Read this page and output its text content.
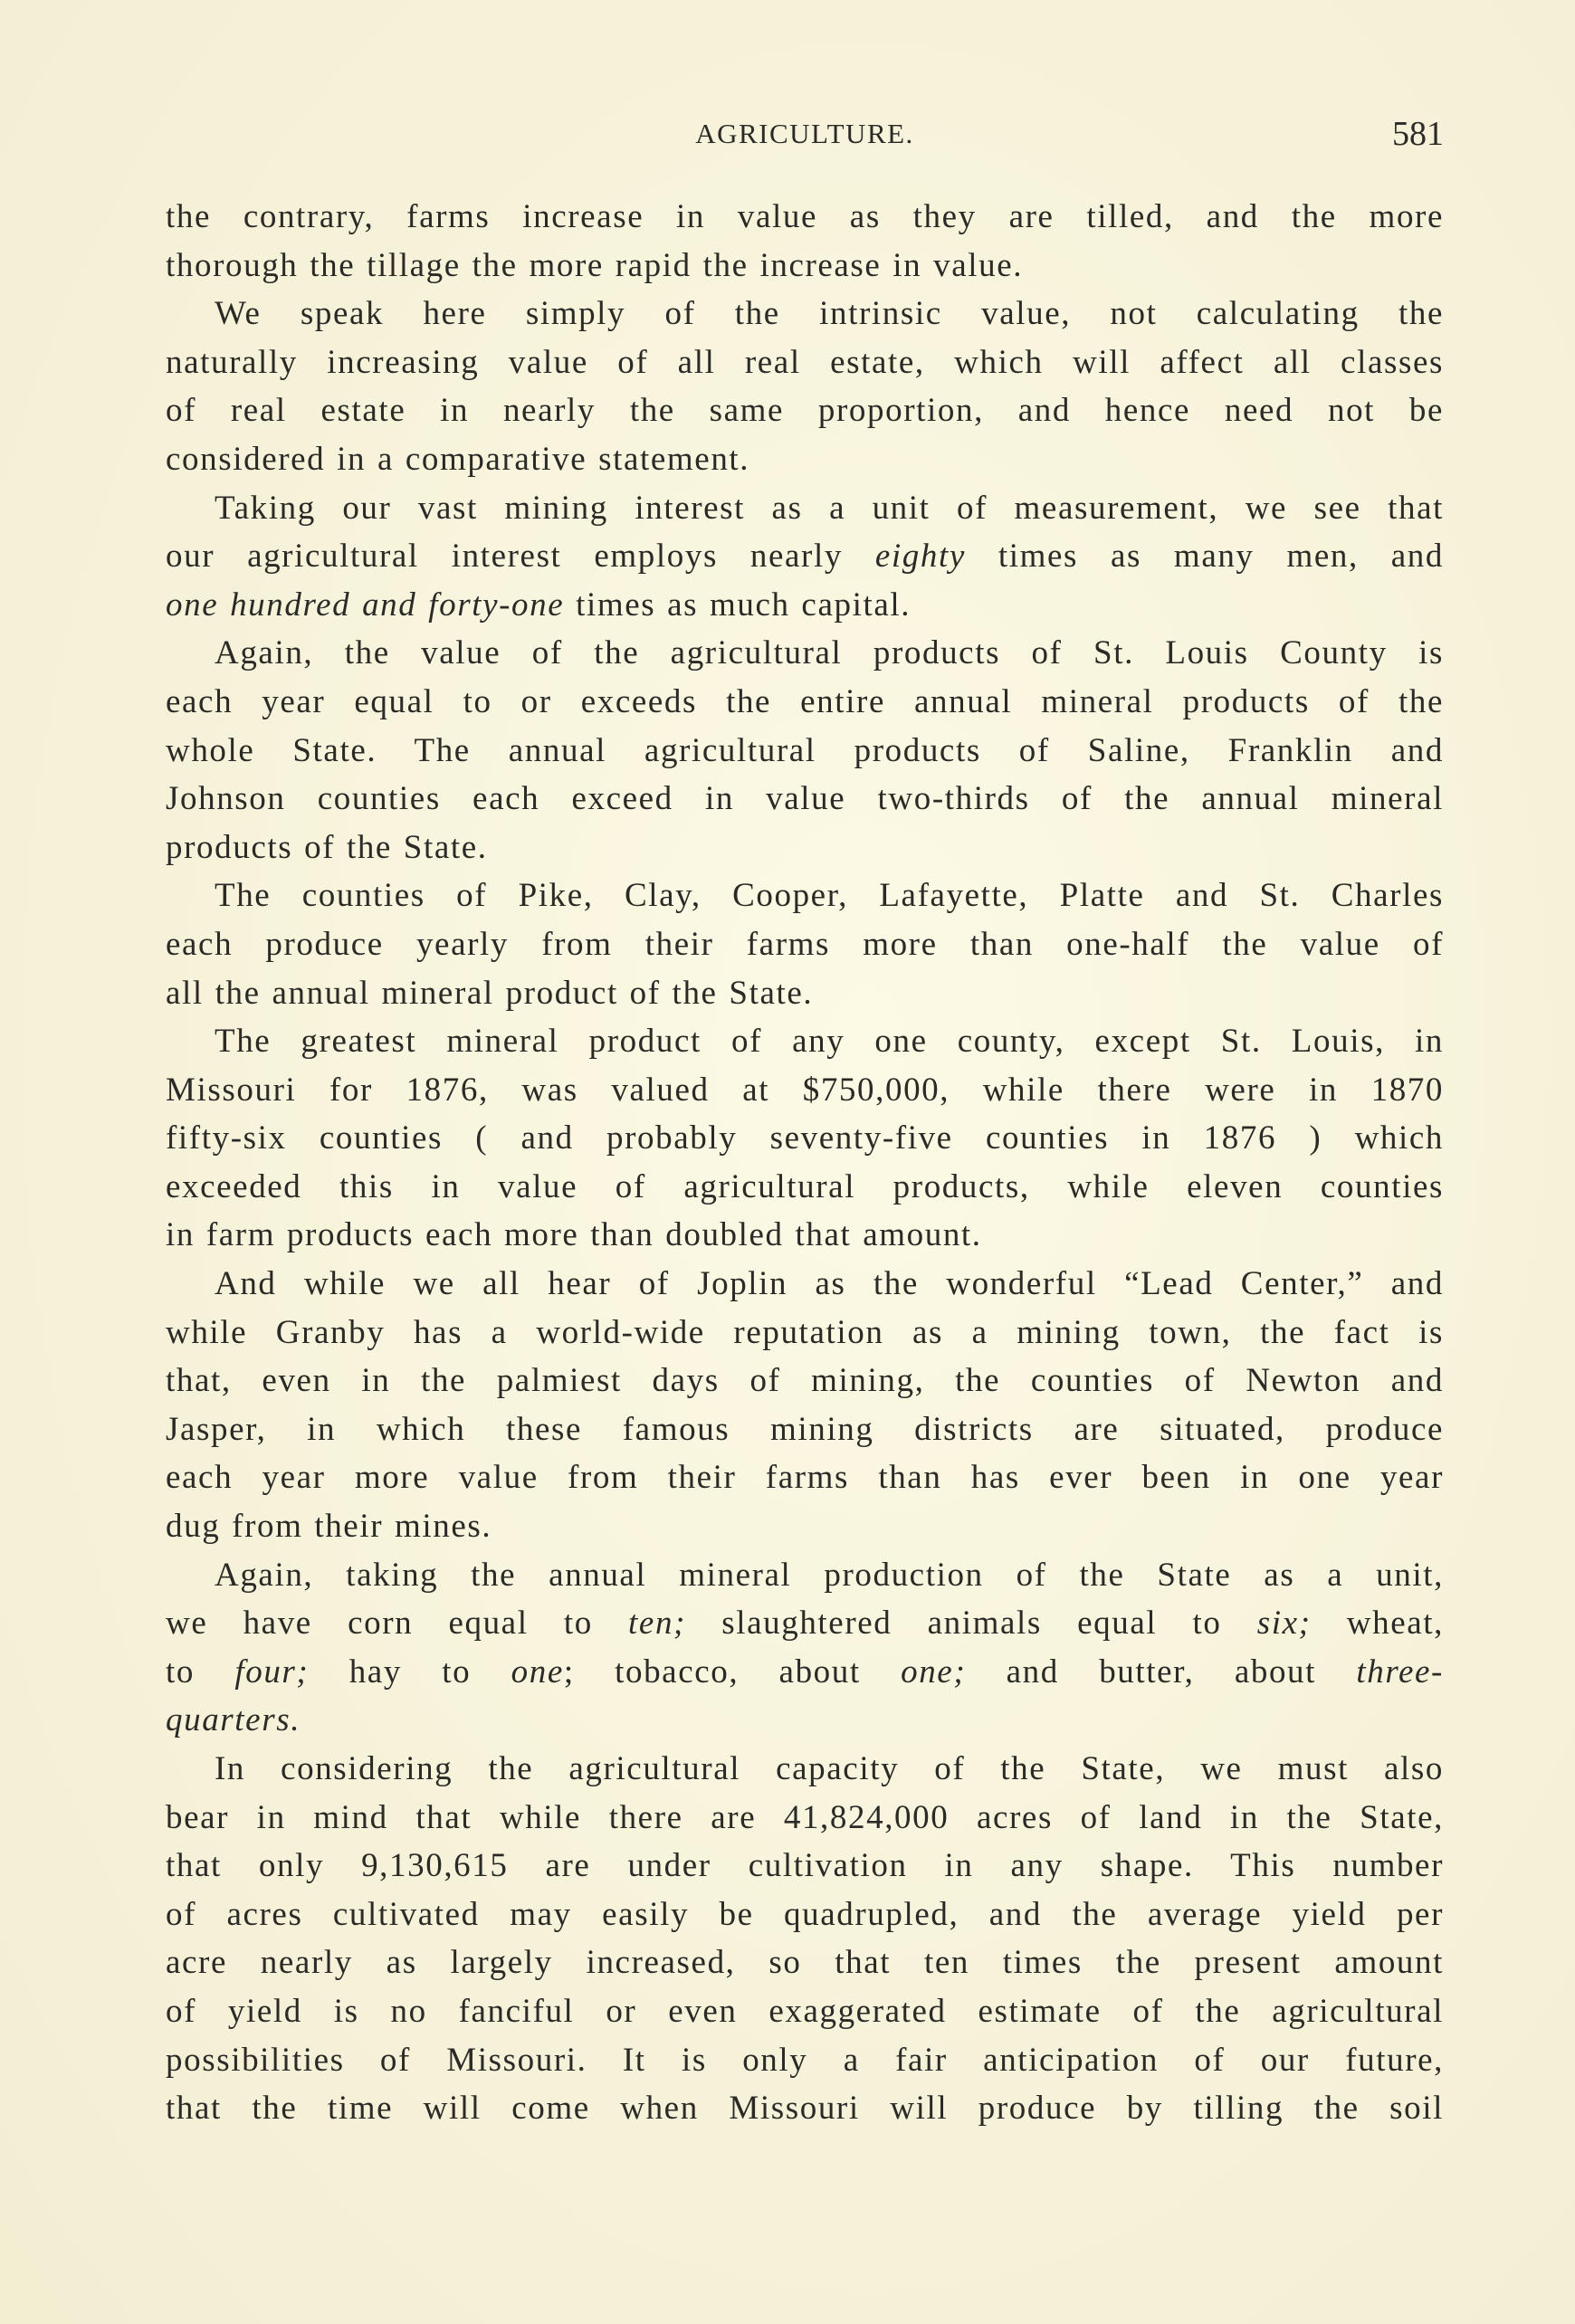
AGRICULTURE.	581
the contrary, farms increase in value as they are tilled, and the more
thorough the tillage the more rapid the increase in value.
We speak here simply of the intrinsic value, not calculating the
naturally increasing value of all real estate, which will affect all classes
of real estate in nearly the same proportion, and hence need not be
considered in a comparative statement.
Taking our vast mining interest as a unit of measurement, we see that
our agricultural interest employs nearly eighty times as many men, and
one hundred and forty-one times as much capital.
Again, the value of the agricultural products of St. Louis County is
each year equal to or exceeds the entire annual mineral products of the
whole State. The annual agricultural products of Saline, Franklin and
Johnson counties each exceed in value two-thirds of the annual mineral
products of the State.
The counties of Pike, Clay, Cooper, Lafayette, Platte and St. Charles
each produce yearly from their farms more than one-half the value of
all the annual mineral product of the State.
The greatest mineral product of any one county, except St. Louis, in
Missouri for 1876, was valued at $750,000, while there were in 1870
fifty-six counties ( and probably seventy-five counties in 1876 ) which
exceeded this in value of agricultural products, while eleven counties
in farm products each more than doubled that amount.
And while we all hear of Joplin as the wonderful “Lead Center,” and
while Granby has a world-wide reputation as a mining town, the fact is
that, even in the palmiest days of mining, the counties of Newton and
Jasper, in which these famous mining districts are situated, produce
each year more value from their farms than has ever been in one year
dug from their mines.
Again, taking the annual mineral production of the State as a unit,
we have corn equal to ten; slaughtered animals equal to six; wheat,
to four; hay to one; tobacco, about one; and butter, about three-
quarters.
In considering the agricultural capacity of the State, we must also
bear in mind that while there are 41,824,000 acres of land in the State,
that only 9,130,615 are under cultivation in any shape. This number
of acres cultivated may easily be quadrupled, and the average yield per
acre nearly as largely increased, so that ten times the present amount
of yield is no fanciful or even exaggerated estimate of the agricultural
possibilities of Missouri. It is only a fair anticipation of our future,
that the time will come when Missouri will produce by tilling the soil
